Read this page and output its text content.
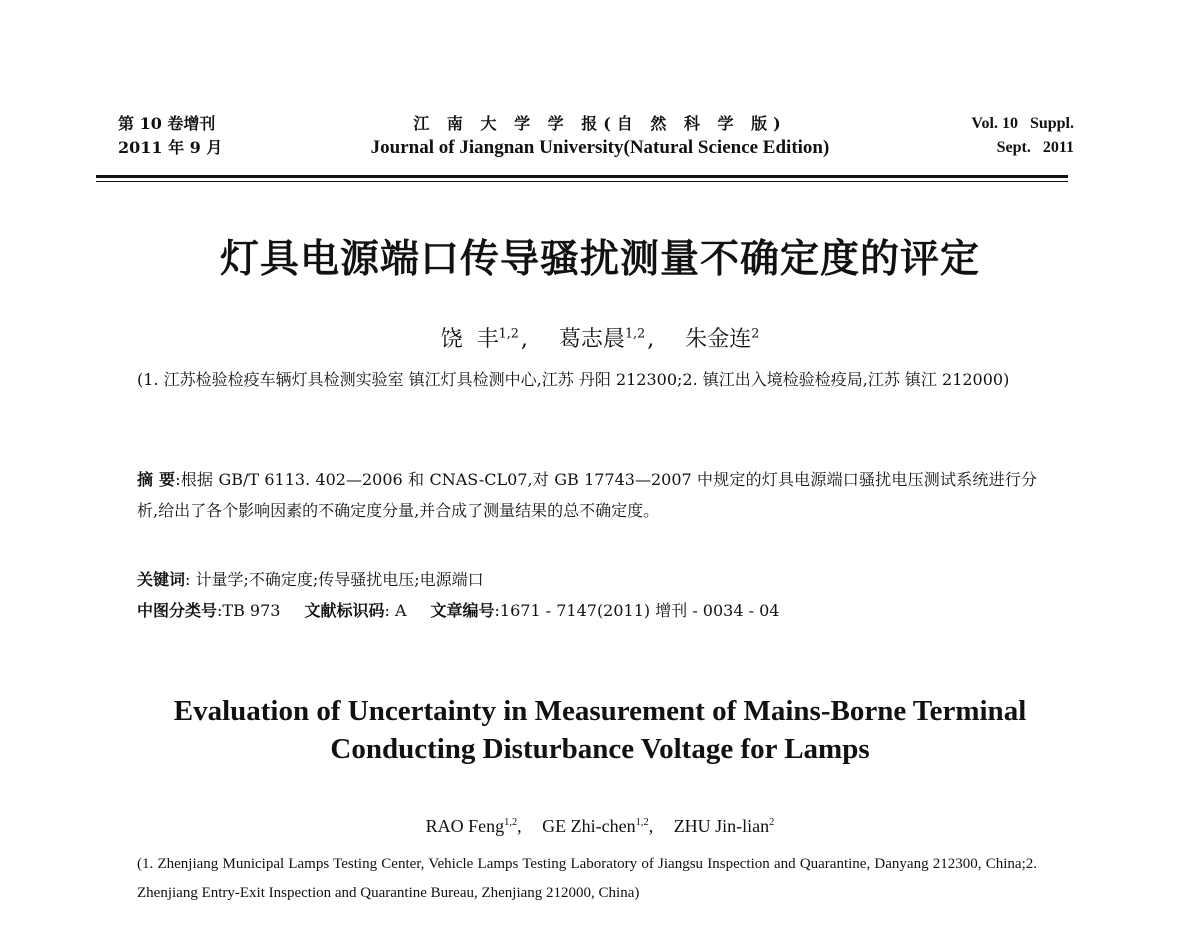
第 10 卷增刊
2011 年 9 月
江 南 大 学 学 报(自 然 科 学 版)
Journal of Jiangnan University(Natural Science Edition)
Vol. 10   Suppl.
Sept.   2011
灯具电源端口传导骚扰测量不确定度的评定
饶  丰$^{1,2}$, 葛志晨$^{1,2}$, 朱金连$^2$
(1. 江苏检验检疫车辆灯具检测实验室 镇江灯具检测中心,江苏 丹阳 212300;2. 镇江出入境检验检疫局,江苏 镇江 212000)
摘 要:根据 GB/T 6113. 402—2006 和 CNAS-CL07,对 GB 17743—2007 中规定的灯具电源端口骚扰电压测试系统进行分析,给出了各个影响因素的不确定度分量,并合成了测量结果的总不确定度。
关键词: 计量学;不确定度;传导骚扰电压;电源端口
中图分类号:TB 973 文献标识码: A 文章编号:1671 - 7147(2011) 增刊 - 0034 - 04
Evaluation of Uncertainty in Measurement of Mains-Borne Terminal
Conducting Disturbance Voltage for Lamps
RAO Feng$^{1,2}$, GE Zhi-chen$^{1,2}$, ZHU Jin-lian$^2$
(1. Zhenjiang Municipal Lamps Testing Center, Vehicle Lamps Testing Laboratory of Jiangsu Inspection and Quarantine, Danyang 212300, China;2. Zhenjiang Entry-Exit Inspection and Quarantine Bureau, Zhenjiang 212000, China)
